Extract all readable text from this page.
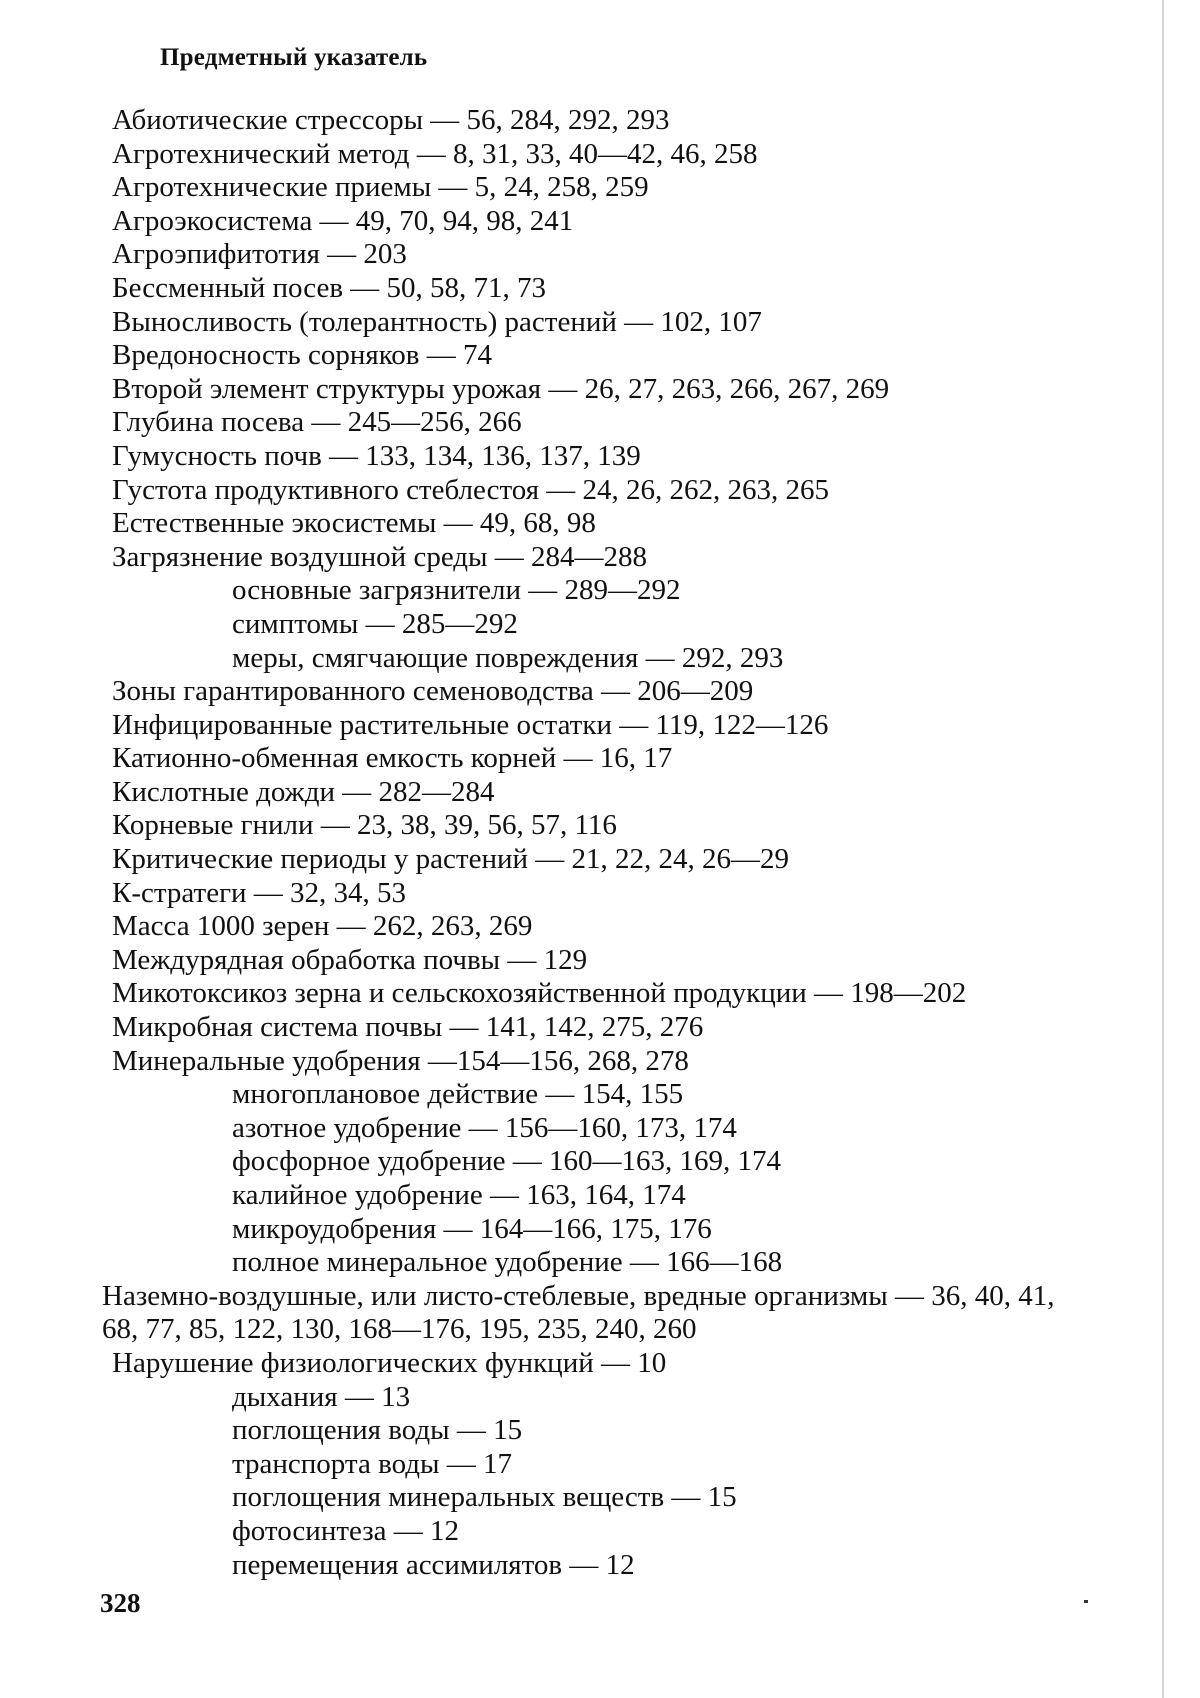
Предметный указатель
Абиотические стрессоры — 56, 284, 292, 293
Агротехнический метод — 8, 31, 33, 40—42, 46, 258
Агротехнические приемы — 5, 24, 258, 259
Агроэкосистема — 49, 70, 94, 98, 241
Агроэпифитотия — 203
Бессменный посев — 50, 58, 71, 73
Выносливость (толерантность) растений — 102, 107
Вредоносность сорняков — 74
Второй элемент структуры урожая — 26, 27, 263, 266, 267, 269
Глубина посева — 245—256, 266
Гумусность почв — 133, 134, 136, 137, 139
Густота продуктивного стеблестоя — 24, 26, 262, 263, 265
Естественные экосистемы — 49, 68, 98
Загрязнение воздушной среды — 284—288
основные загрязнители — 289—292
симптомы — 285—292
меры, смягчающие повреждения — 292, 293
Зоны гарантированного семеноводства — 206—209
Инфицированные растительные остатки — 119, 122—126
Катионно-обменная емкость корней — 16, 17
Кислотные дожди — 282—284
Корневые гнили — 23, 38, 39, 56, 57, 116
Критические периоды у растений — 21, 22, 24, 26—29
К-стратеги — 32, 34, 53
Масса 1000 зерен — 262, 263, 269
Междурядная обработка почвы — 129
Микотоксикоз зерна и сельскохозяйственной продукции — 198—202
Микробная система почвы — 141, 142, 275, 276
Минеральные удобрения —154—156, 268, 278
многоплановое действие — 154, 155
азотное удобрение — 156—160, 173, 174
фосфорное удобрение — 160—163, 169, 174
калийное удобрение — 163, 164, 174
микроудобрения — 164—166, 175, 176
полное минеральное удобрение — 166—168
Наземно-воздушные, или листо-стеблевые, вредные организмы — 36, 40, 41, 68, 77, 85, 122, 130, 168—176, 195, 235, 240, 260
Нарушение физиологических функций — 10
дыхания — 13
поглощения воды — 15
транспорта воды — 17
поглощения минеральных веществ — 15
фотосинтеза — 12
перемещения ассимилятов — 12
328
